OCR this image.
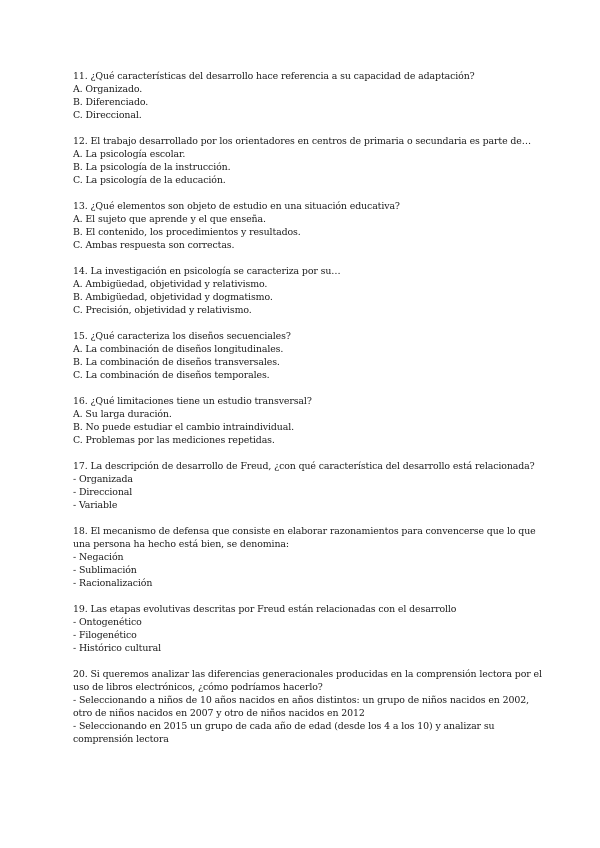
11. ¿Qué características del desarrollo hace referencia a su capacidad de adaptación?

A. Organizado.

B. Diferenciado.

C. Direccional.

12. El trabajo desarrollado por los orientadores en centros de primaria o secundaria es parte de…

A. La psicología escolar.

B. La psicología de la instrucción.

C. La psicología de la educación.

13. ¿Qué elementos son objeto de estudio en una situación educativa?

A. El sujeto que aprende y el que enseña.

B. El contenido, los procedimientos y resultados.

C. Ambas respuesta son correctas.

14. La investigación en psicología se caracteriza por su…

A. Ambigüedad, objetividad y relativismo.

B. Ambigüedad, objetividad y dogmatismo.

C. Precisión, objetividad y relativismo.

15. ¿Qué caracteriza los diseños secuenciales?

A. La combinación de diseños longitudinales.

B. La combinación de diseños transversales.

C. La combinación de diseños temporales.

16. ¿Qué limitaciones tiene un estudio transversal?

A. Su larga duración.

B. No puede estudiar el cambio intraindividual.

C. Problemas por las mediciones repetidas.

17. La descripción de desarrollo de Freud, ¿con qué característica del desarrollo está relacionada?

- Organizada

- Direccional

- Variable

18. El mecanismo de defensa que consiste en elaborar razonamientos para convencerse que lo que una persona ha hecho está bien, se denomina:

- Negación

- Sublimación

- Racionalización

19. Las etapas evolutivas descritas por Freud están relacionadas con el desarrollo

- Ontogenético

- Filogenético

- Histórico cultural

20. Si queremos analizar las diferencias generacionales producidas en la comprensión lectora por el uso de libros electrónicos, ¿cómo podríamos hacerlo?

- Seleccionando a niños de 10 años nacidos en años distintos: un grupo de niños nacidos en 2002, otro de niños nacidos en 2007 y otro de niños nacidos en 2012

- Seleccionando en 2015 un grupo de cada año de edad (desde los 4 a los 10) y analizar su comprensión lectora
